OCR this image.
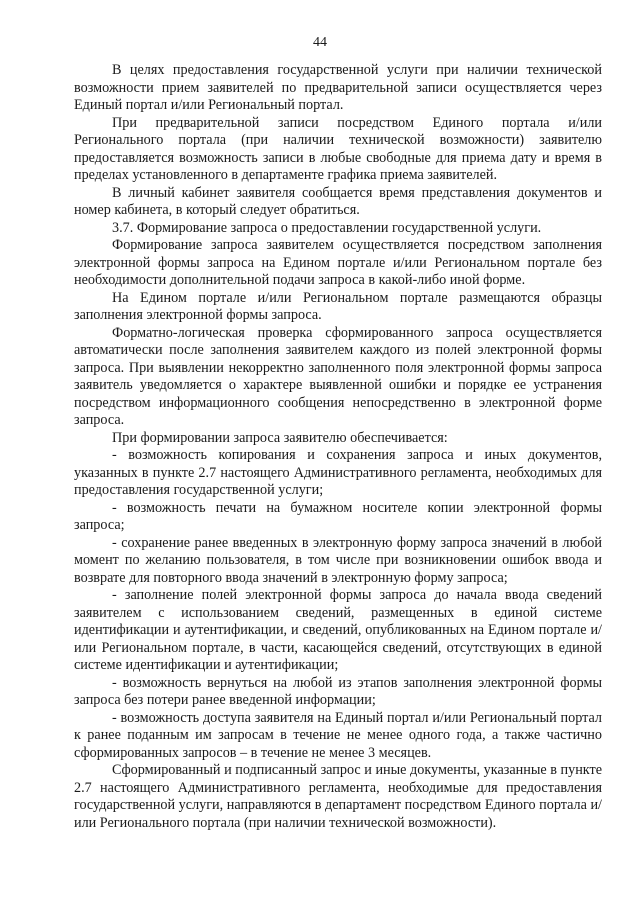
44

В целях предоставления государственной услуги при наличии технической возможности прием заявителей по предварительной записи осуществляется через Единый портал и/или Региональный портал.

При предварительной записи посредством Единого портала и/или Регионального портала (при наличии технической возможности) заявителю предоставляется возможность записи в любые свободные для приема дату и время в пределах установленного в департаменте графика приема заявителей.

В личный кабинет заявителя сообщается время представления документов и номер кабинета, в который следует обратиться.

3.7. Формирование запроса о предоставлении государственной услуги.

Формирование запроса заявителем осуществляется посредством заполнения электронной формы запроса на Едином портале и/или Региональном портале без необходимости дополнительной подачи запроса в какой-либо иной форме.

На Едином портале и/или Региональном портале размещаются образцы заполнения электронной формы запроса.

Форматно-логическая проверка сформированного запроса осуществляется автоматически после заполнения заявителем каждого из полей электронной формы запроса. При выявлении некорректно заполненного поля электронной формы запроса заявитель уведомляется о характере выявленной ошибки и порядке ее устранения посредством информационного сообщения непосредственно в электронной форме запроса.

При формировании запроса заявителю обеспечивается:

- возможность копирования и сохранения запроса и иных документов, указанных в пункте 2.7 настоящего Административного регламента, необходимых для предоставления государственной услуги;

- возможность печати на бумажном носителе копии электронной формы запроса;

- сохранение ранее введенных в электронную форму запроса значений в любой момент по желанию пользователя, в том числе при возникновении ошибок ввода и возврате для повторного ввода значений в электронную форму запроса;

- заполнение полей электронной формы запроса до начала ввода сведений заявителем с использованием сведений, размещенных в единой системе идентификации и аутентификации, и сведений, опубликованных на Едином портале и/или Региональном портале, в части, касающейся сведений, отсутствующих в единой системе идентификации и аутентификации;

- возможность вернуться на любой из этапов заполнения электронной формы запроса без потери ранее введенной информации;

- возможность доступа заявителя на Единый портал и/или Региональный портал к ранее поданным им запросам в течение не менее одного года, а также частично сформированных запросов – в течение не менее 3 месяцев.

Сформированный и подписанный запрос и иные документы, указанные в пункте 2.7 настоящего Административного регламента, необходимые для предоставления государственной услуги, направляются в департамент посредством Единого портала и/или Регионального портала (при наличии технической возможности).
